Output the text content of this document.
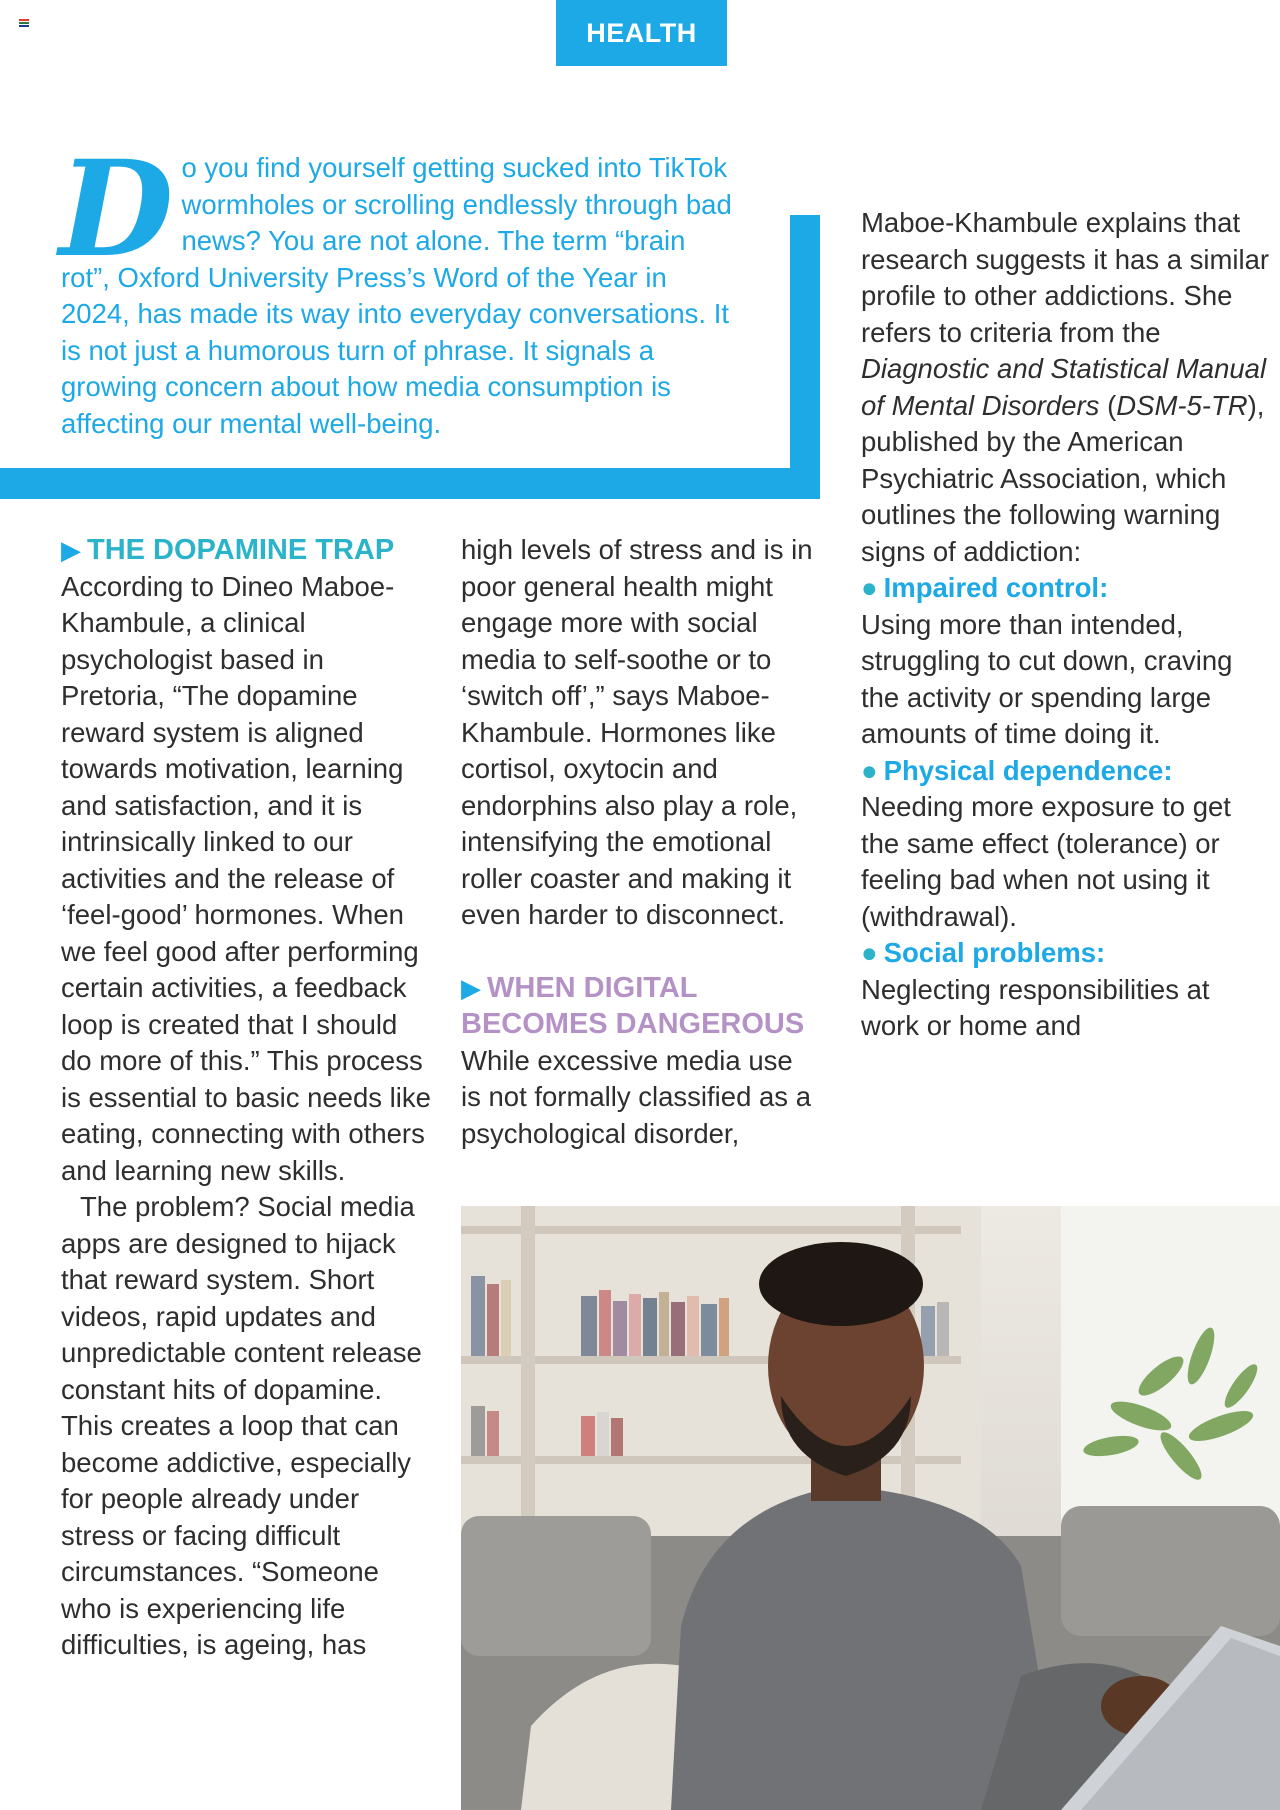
HEALTH
D o you find yourself getting sucked into TikTok wormholes or scrolling endlessly through bad news? You are not alone. The term “brain rot”, Oxford University Press’s Word of the Year in 2024, has made its way into everyday conversations. It is not just a humorous turn of phrase. It signals a growing concern about how media consumption is affecting our mental well-being.

▶ THE DOPAMINE TRAP

According to Dineo Maboe-Khambule, a clinical psychologist based in Pretoria, “The dopamine reward system is aligned towards motivation, learning and satisfaction, and it is intrinsically linked to our activities and the release of ‘feel-good’ hormones. When we feel good after performing certain activities, a feedback loop is created that I should do more of this.” This process is essential to basic needs like eating, connecting with others and learning new skills.

The problem? Social media apps are designed to hijack that reward system. Short videos, rapid updates and unpredictable content release constant hits of dopamine. This creates a loop that can become addictive, especially for people already under stress or facing difficult circumstances. “Someone who is experiencing life difficulties, is ageing, has

high levels of stress and is in poor general health might engage more with social media to self-soothe or to ‘switch off’,” says Maboe-Khambule. Hormones like cortisol, oxytocin and endorphins also play a role, intensifying the emotional roller coaster and making it even harder to disconnect.

▶ WHEN DIGITAL
BECOMES DANGEROUS

While excessive media use is not formally classified as a psychological disorder,

Maboe-Khambule explains that research suggests it has a similar profile to other addictions. She refers to criteria from the Diagnostic and Statistical Manual of Mental Disorders (DSM-5-TR), published by the American Psychiatric Association, which outlines the following warning signs of addiction:

● Impaired control:

Using more than intended, struggling to cut down, craving the activity or spending large amounts of time doing it.

● Physical dependence:

Needing more exposure to get the same effect (tolerance) or feeling bad when not using it (withdrawal).

● Social problems:

Neglecting responsibilities at work or home and
